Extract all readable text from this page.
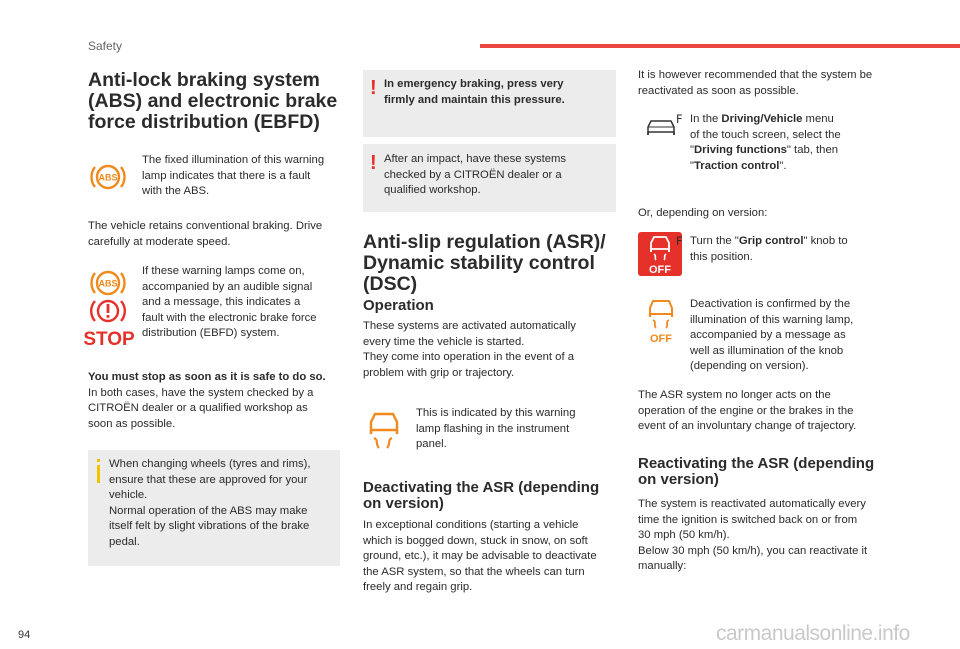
Safety
Anti-lock braking system
(ABS) and electronic brake
force distribution (EBFD)
ABS
The fixed illumination of this warning
lamp indicates that there is a fault
with the ABS.
The vehicle retains conventional braking. Drive
carefully at moderate speed.
ABS
STOP
If these warning lamps come on,
accompanied by an audible signal
and a message, this indicates a
fault with the electronic brake force
distribution (EBFD) system.
You must stop as soon as it is safe to do so.
In both cases, have the system checked by a
CITROËN dealer or a qualified workshop as
soon as possible.
When changing wheels (tyres and rims),
ensure that these are approved for your
vehicle.
Normal operation of the ABS may make
itself felt by slight vibrations of the brake
pedal.
! In emergency braking, press very
firmly and maintain this pressure.
! After an impact, have these systems
checked by a CITROËN dealer or a
qualified workshop.
Anti-slip regulation (ASR)/
Dynamic stability control
(DSC)
Operation
These systems are activated automatically
every time the vehicle is started.
They come into operation in the event of a
problem with grip or trajectory.
This is indicated by this warning
lamp flashing in the instrument
panel.
Deactivating the ASR (depending
on version)
In exceptional conditions (starting a vehicle
which is bogged down, stuck in snow, on soft
ground, etc.), it may be advisable to deactivate
the ASR system, so that the wheels can turn
freely and regain grip.
It is however recommended that the system be
reactivated as soon as possible.
F In the Driving/Vehicle menu
of the touch screen, select the
"Driving functions" tab, then
"Traction control".
Or, depending on version:
OFF
F Turn the "Grip control" knob to
this position.
OFF
Deactivation is confirmed by the
illumination of this warning lamp,
accompanied by a message as
well as illumination of the knob
(depending on version).
The ASR system no longer acts on the
operation of the engine or the brakes in the
event of an involuntary change of trajectory.
Reactivating the ASR (depending
on version)
The system is reactivated automatically every
time the ignition is switched back on or from
30 mph (50 km/h).
Below 30 mph (50 km/h), you can reactivate it
manually:
94	carmanualsonline.info
